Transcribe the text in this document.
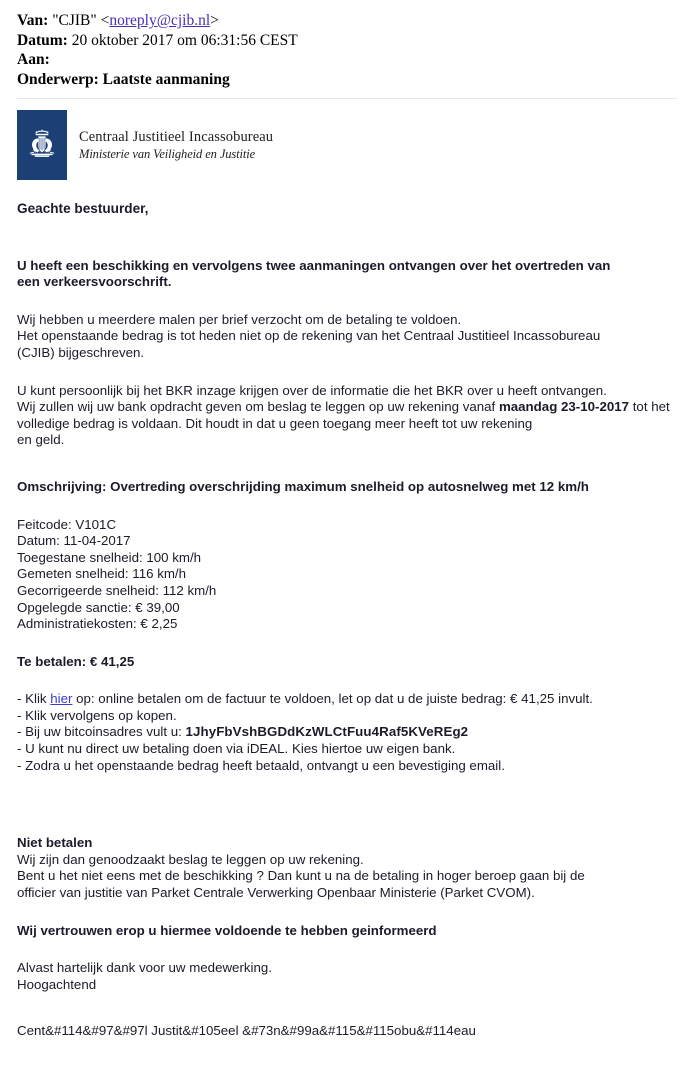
Van: "CJIB" <noreply@cjib.nl>
Datum: 20 oktober 2017 om 06:31:56 CEST
Aan:
Onderwerp: Laatste aanmaning
Centraal Justitieel Incassobureau
Ministerie van Veiligheid en Justitie

Geachte bestuurder,

U heeft een beschikking en vervolgens twee aanmaningen ontvangen over het overtreden van

een verkeersvoorschrift.

Wij hebben u meerdere malen per brief verzocht om de betaling te voldoen.

Het openstaande bedrag is tot heden niet op de rekening van het Centraal Justitieel Incassobureau

(CJIB) bijgeschreven.

U kunt persoonlijk bij het BKR inzage krijgen over de informatie die het BKR over u heeft ontvangen.

Wij zullen wij uw bank opdracht geven om beslag te leggen op uw rekening vanaf maandag 23-10-2017 tot het volledige bedrag is voldaan. Dit houdt in dat u geen toegang meer heeft tot uw rekening

en geld.

Omschrijving: Overtreding overschrijding maximum snelheid op autosnelweg met 12 km/h

Feitcode: V101C

Datum: 11-04-2017

Toegestane snelheid: 100 km/h

Gemeten snelheid: 116 km/h

Gecorrigeerde snelheid: 112 km/h

Opgelegde sanctie: € 39,00

Administratiekosten: € 2,25

Te betalen: € 41,25

- Klik hier op: online betalen om de factuur te voldoen, let op dat u de juiste bedrag: € 41,25 invult.

- Klik vervolgens op kopen.

- Bij uw bitcoinsadres vult u: 1JhyFbVshBGDdKzWLCtFuu4Raf5KVeREg2

- U kunt nu direct uw betaling doen via iDEAL. Kies hiertoe uw eigen bank.

- Zodra u het openstaande bedrag heeft betaald, ontvangt u een bevestiging email.

Niet betalen

Wij zijn dan genoodzaakt beslag te leggen op uw rekening.

Bent u het niet eens met de beschikking ? Dan kunt u na de betaling in hoger beroep gaan bij de

officier van justitie van Parket Centrale Verwerking Openbaar Ministerie (Parket CVOM).

Wij vertrouwen erop u hiermee voldoende te hebben geinformeerd

Alvast hartelijk dank voor uw medewerking.

Hoogachtend

Cent&#114&#97&#97l Justit&#105eel &#73n&#99a&#115&#115obu&#114eau
